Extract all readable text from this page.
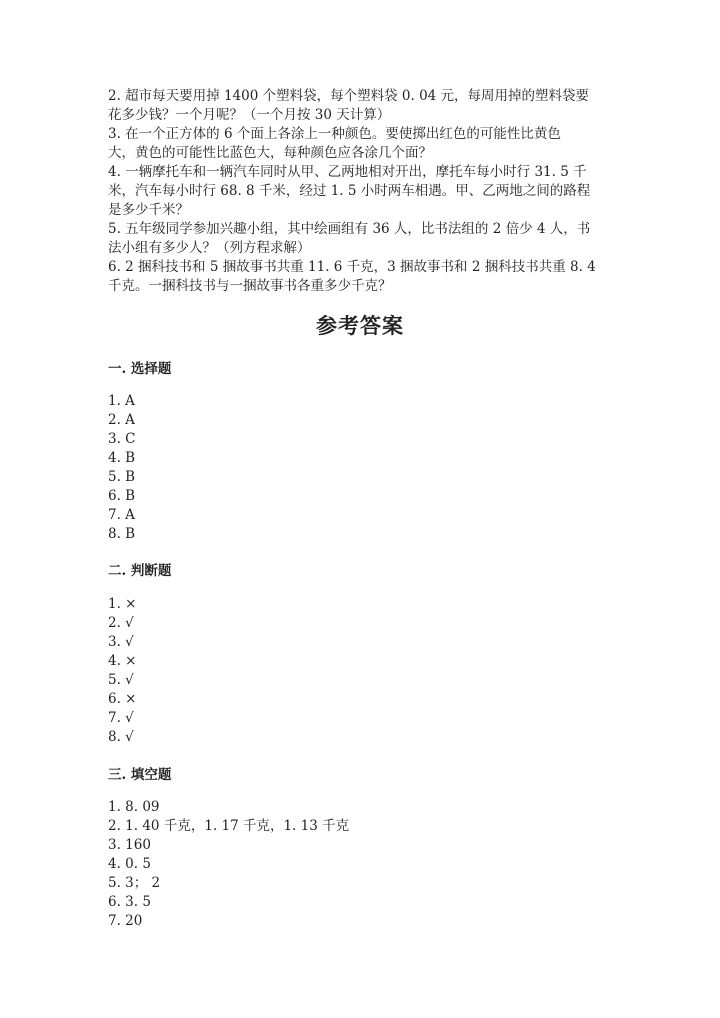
2. 超市每天要用掉 1400 个塑料袋，每个塑料袋 0. 04 元，每周用掉的塑料袋要
花多少钱？一个月呢？（一个月按 30 天计算）
3. 在一个正方体的 6 个面上各涂上一种颜色。要使掷出红色的可能性比黄色
大，黄色的可能性比蓝色大，每种颜色应各涂几个面？
4. 一辆摩托车和一辆汽车同时从甲、乙两地相对开出，摩托车每小时行 31. 5 千
米，汽车每小时行 68. 8 千米，经过 1. 5 小时两车相遇。甲、乙两地之间的路程
是多少千米？
5. 五年级同学参加兴趣小组，其中绘画组有 36 人，比书法组的 2 倍少 4 人，书
法小组有多少人？（列方程求解）
6. 2 捆科技书和 5 捆故事书共重 11. 6 千克，3 捆故事书和 2 捆科技书共重 8. 4
千克。一捆科技书与一捆故事书各重多少千克？
参考答案
一. 选择题
1. A
2. A
3. C
4. B
5. B
6. B
7. A
8. B
二. 判断题
1. ×
2. √
3. √
4. ×
5. √
6. ×
7. √
8. √
三. 填空题
1. 8. 09
2. 1. 40 千克，1. 17 千克，1. 13 千克
3. 160
4. 0. 5
5. 3； 2
6. 3. 5
7. 20
